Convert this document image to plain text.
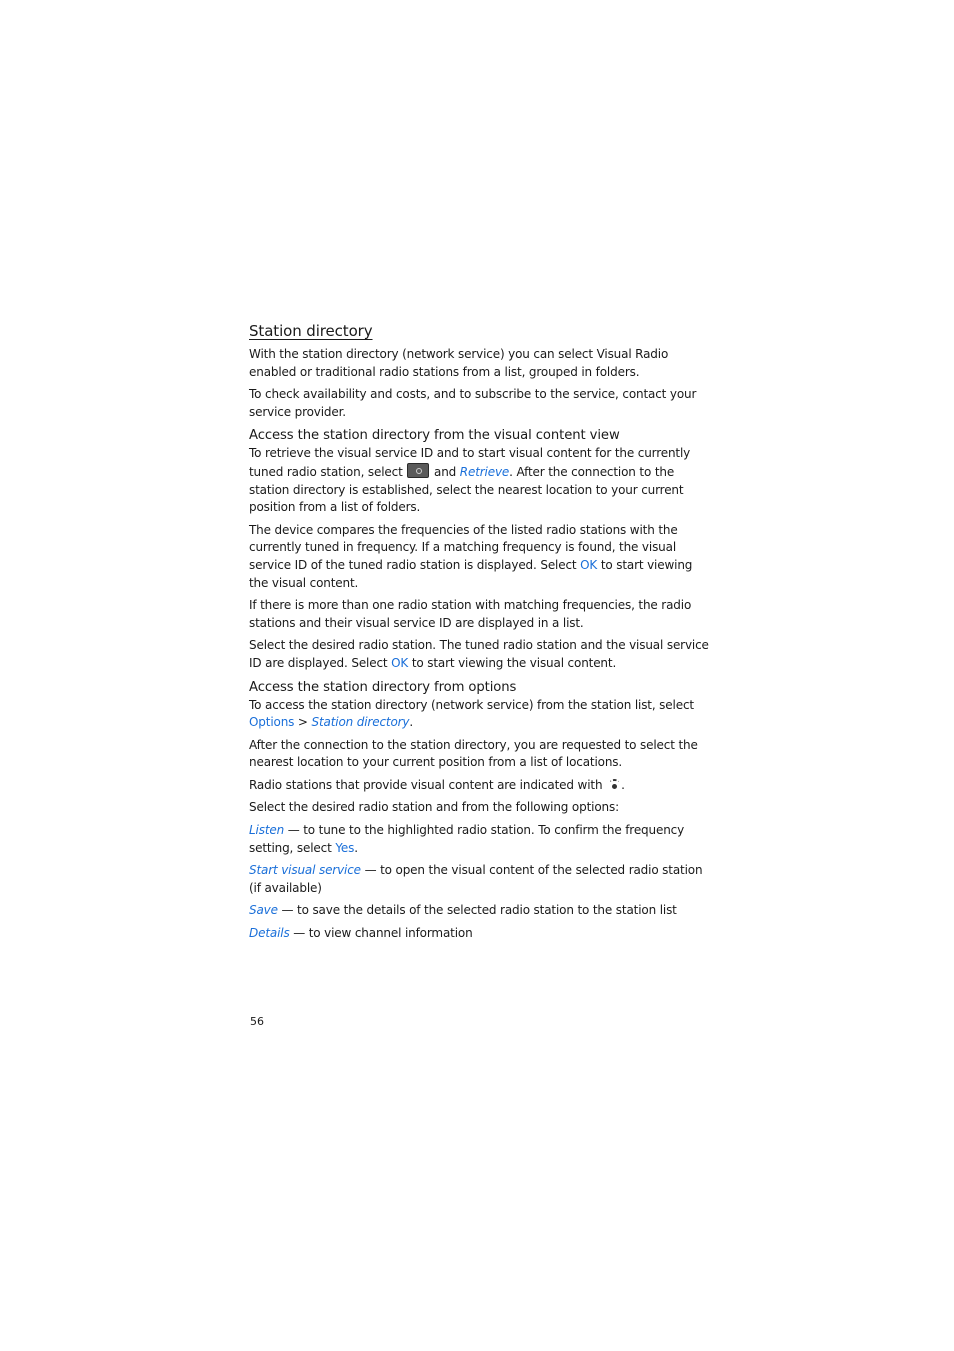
Station directory

With the station directory (network service) you can select Visual Radio enabled or traditional radio stations from a list, grouped in folders.

To check availability and costs, and to subscribe to the service, contact your service provider.

Access the station directory from the visual content view

To retrieve the visual service ID and to start visual content for the currently tuned radio station, select  and Retrieve. After the connection to the station directory is established, select the nearest location to your current position from a list of folders.

The device compares the frequencies of the listed radio stations with the currently tuned in frequency. If a matching frequency is found, the visual service ID of the tuned radio station is displayed. Select OK to start viewing the visual content.

If there is more than one radio station with matching frequencies, the radio stations and their visual service ID are displayed in a list.

Select the desired radio station. The tuned radio station and the visual service ID are displayed. Select OK to start viewing the visual content.

Access the station directory from options

To access the station directory (network service) from the station list, select Options > Station directory.

After the connection to the station directory, you are requested to select the nearest location to your current position from a list of locations.

Radio stations that provide visual content are indicated with .

Select the desired radio station and from the following options:

Listen — to tune to the highlighted radio station. To confirm the frequency setting, select Yes.

Start visual service — to open the visual content of the selected radio station (if available)

Save — to save the details of the selected radio station to the station list

Details — to view channel information

56
